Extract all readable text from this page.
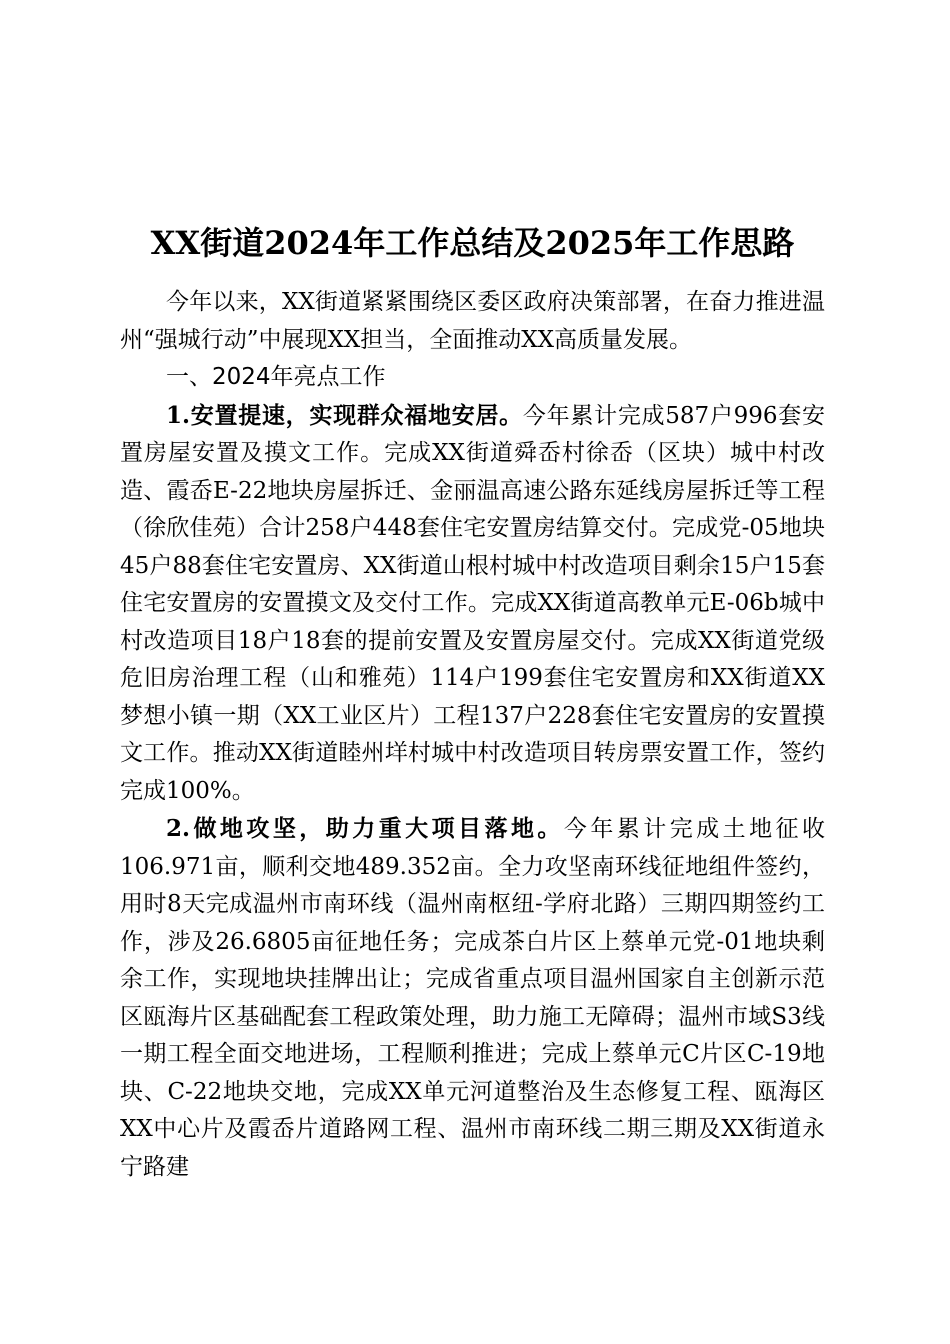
XX街道2024年工作总结及2025年工作思路

今年以来，XX街道紧紧围绕区委区政府决策部署，在奋力推进温州“强城行动”中展现XX担当，全面推动XX高质量发展。

一、2024年亮点工作

1.安置提速，实现群众福地安居。今年累计完成587户996套安置房屋安置及摸文工作。完成XX街道舜岙村徐岙（区块）城中村改造、霞岙E-22地块房屋拆迁、金丽温高速公路东延线房屋拆迁等工程（徐欣佳苑）合计258户448套住宅安置房结算交付。完成党-05地块45户88套住宅安置房、XX街道山根村城中村改造项目剩余15户15套住宅安置房的安置摸文及交付工作。完成XX街道高教单元E-06b城中村改造项目18户18套的提前安置及安置房屋交付。完成XX街道党级危旧房治理工程（山和雅苑）114户199套住宅安置房和XX街道XX梦想小镇一期（XX工业区片）工程137户228套住宅安置房的安置摸文工作。推动XX街道睦州垟村城中村改造项目转房票安置工作，签约完成100%。

2.做地攻坚，助力重大项目落地。今年累计完成土地征收106.971亩，顺利交地489.352亩。全力攻坚南环线征地组件签约，用时8天完成温州市南环线（温州南枢纽-学府北路）三期四期签约工作，涉及26.6805亩征地任务；完成茶白片区上蔡单元党-01地块剩余工作，实现地块挂牌出让；完成省重点项目温州国家自主创新示范区瓯海片区基础配套工程政策处理，助力施工无障碍；温州市域S3线一期工程全面交地进场，工程顺利推进；完成上蔡单元C片区C-19地块、C-22地块交地，完成XX单元河道整治及生态修复工程、瓯海区XX中心片及霞岙片道路网工程、温州市南环线二期三期及XX街道永宁路建
